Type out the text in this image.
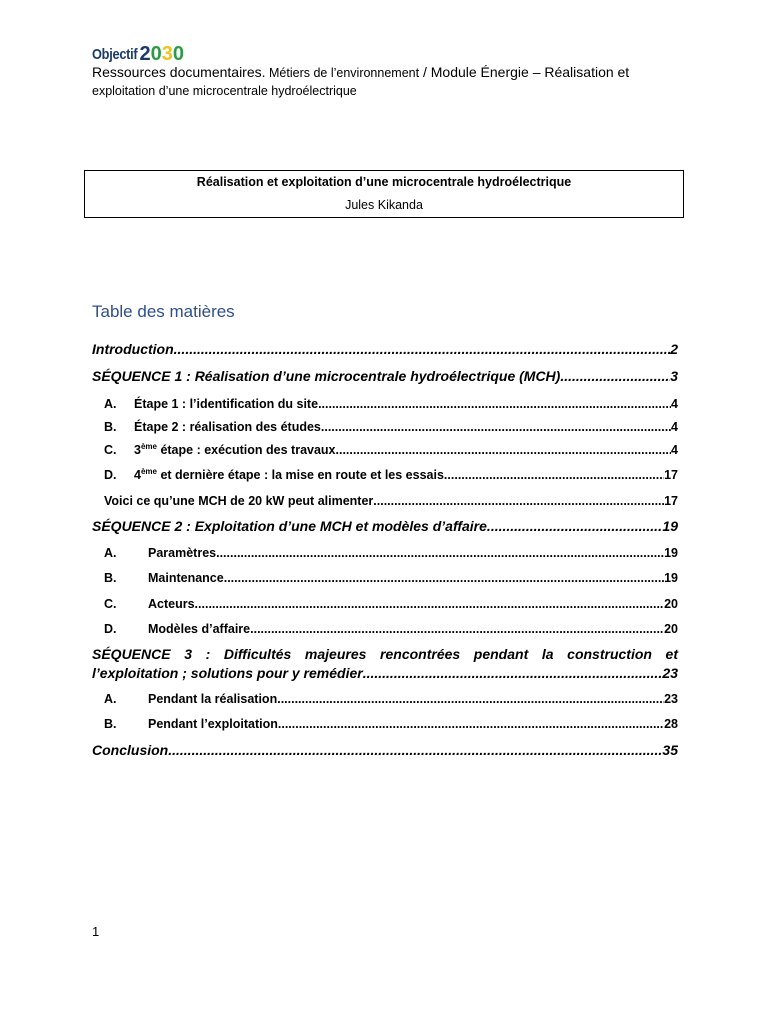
Objectif 2 0 3 0
Ressources documentaires. Métiers de l’environnement / Module Énergie – Réalisation et
exploitation d’une microcentrale hydroélectrique
Réalisation et exploitation d’une microcentrale hydroélectrique
Jules Kikanda
Table des matières
Introduction .....	2
SÉQUENCE 1 : Réalisation d’une microcentrale hydroélectrique (MCH) .....	3
A. Étape 1 : l’identification du site .....	4
B. Étape 2 : réalisation des études. .....	4
C. 3ème étape : exécution des travaux. .....	4
D. 4ème et dernière étape : la mise en route et les essais .....	17
Voici ce qu’une MCH de 20 kW peut alimenter .....	17
SÉQUENCE 2 : Exploitation d’une MCH et modèles d’affaire. .....	19
A.	Paramètres .....	19
B.	Maintenance .....	19
C.	Acteurs .....	20
D.	Modèles d’affaire .....	20
SÉQUENCE 3 : Difficultés majeures rencontrées pendant la construction et
l’exploitation ; solutions pour y remédier .....	23
A.	Pendant la réalisation .....	23
B.	Pendant l’exploitation .....	28
Conclusion .....	35
1
